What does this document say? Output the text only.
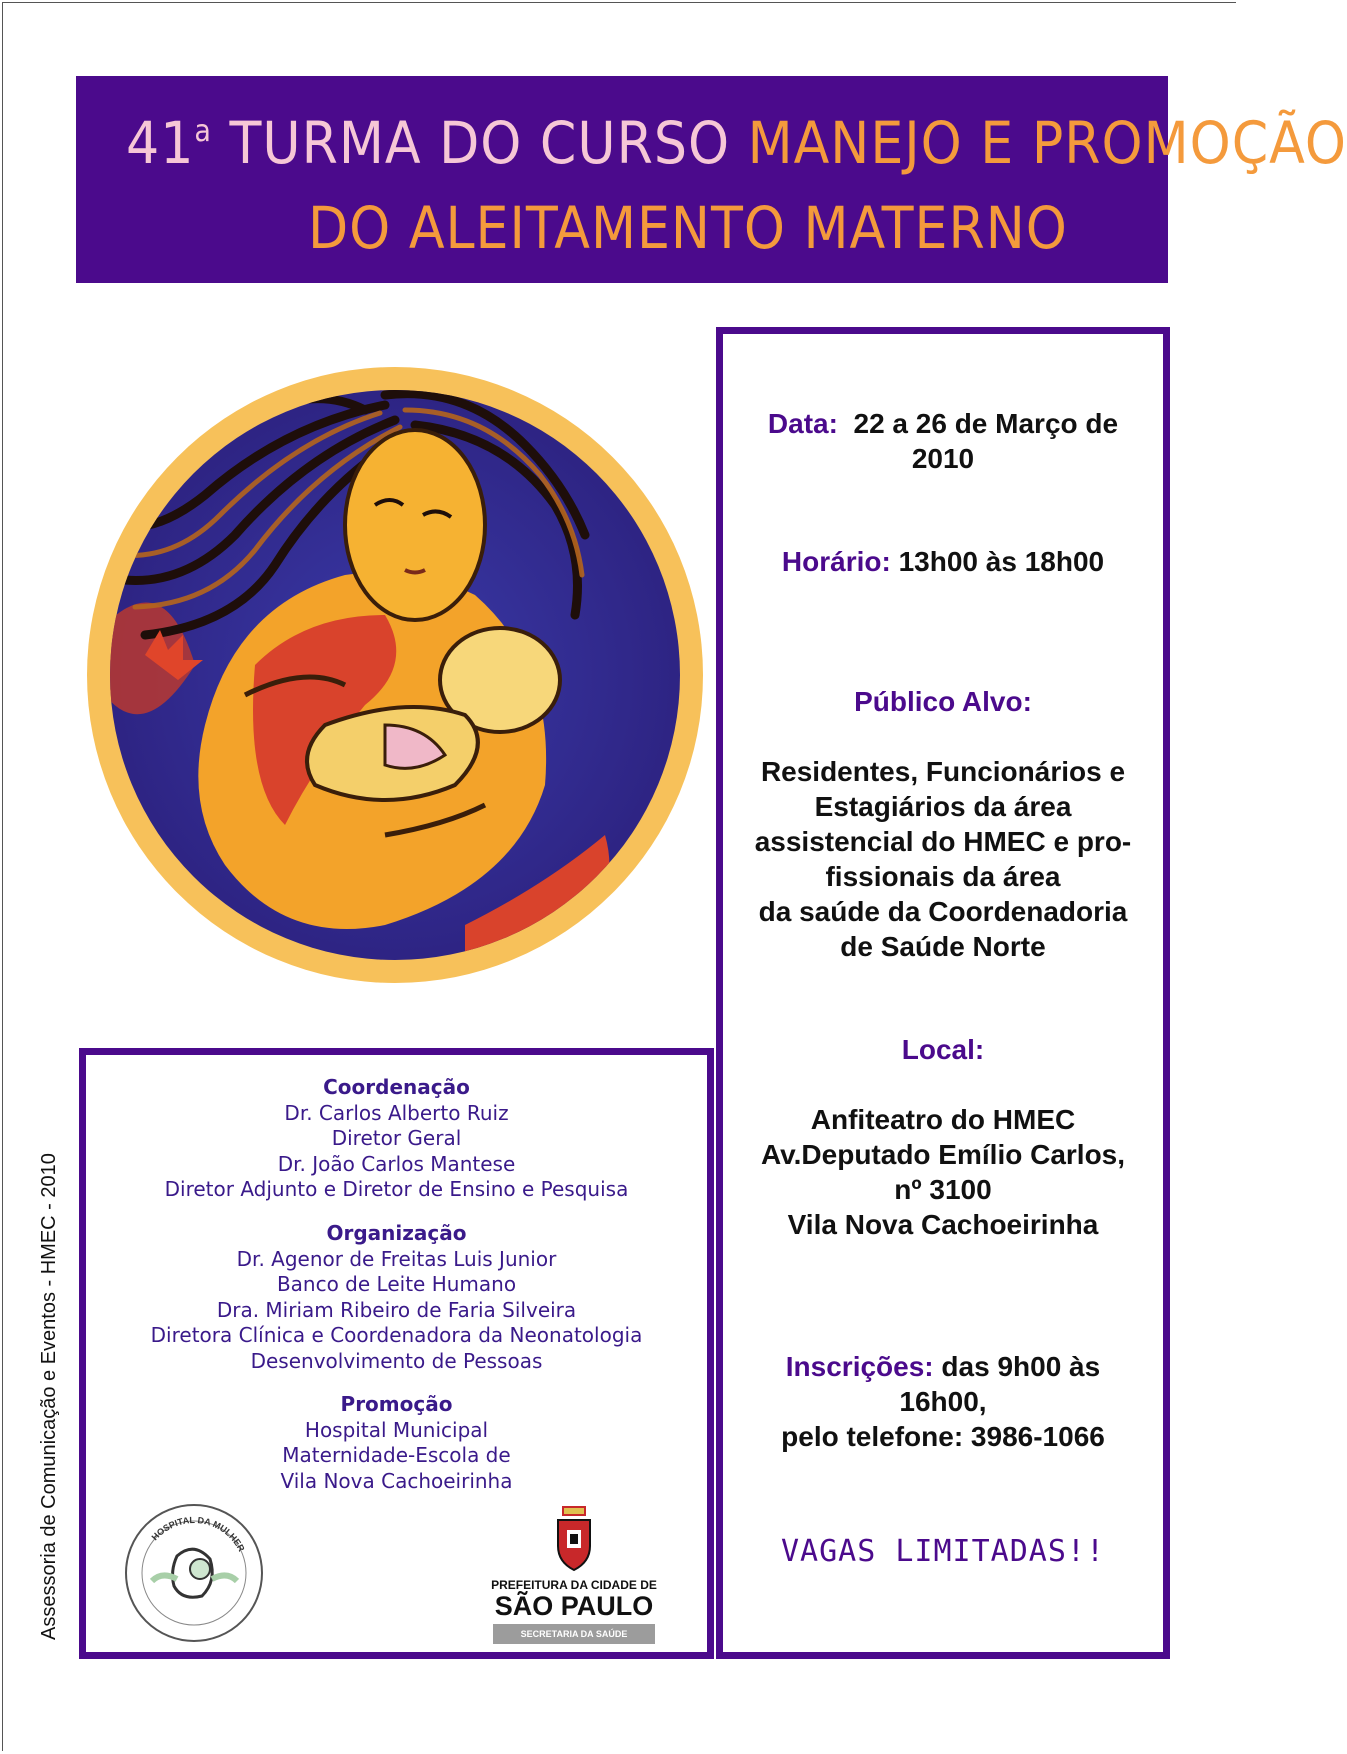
41$^a$ TURMA DO CURSO MANEJO E PROMOÇÃO
DO ALEITAMENTO MATERNO
Data: 22 a 26 de Março de
2010
Horário: 13h00 às 18h00
Público Alvo:
Residentes, Funcionários e
Estagiários da área
assistencial do HMEC e pro-
fissionais da área
da saúde da Coordenadoria
de Saúde Norte
Local:
Anfiteatro do HMEC
Av.Deputado Emílio Carlos,
nº 3100
Vila Nova Cachoeirinha
Inscrições: das 9h00 às
16h00,
pelo telefone: 3986-1066
VAGAS LIMITADAS!!
Coordenação
Dr. Carlos Alberto Ruiz
Diretor Geral
Dr. João Carlos Mantese
Diretor Adjunto e Diretor de Ensino e Pesquisa
Organização
Dr. Agenor de Freitas Luis Junior
Banco de Leite Humano
Dra. Miriam Ribeiro de Faria Silveira
Diretora Clínica e Coordenadora da Neonatologia
Desenvolvimento de Pessoas
Promoção
Hospital Municipal
Maternidade-Escola de
Vila Nova Cachoeirinha
HOSPITAL DA MULHER
PREFEITURA DA CIDADE DE
SÃO PAULO
SECRETARIA DA SAÚDE
Assessoria de Comunicação e Eventos - HMEC - 2010
